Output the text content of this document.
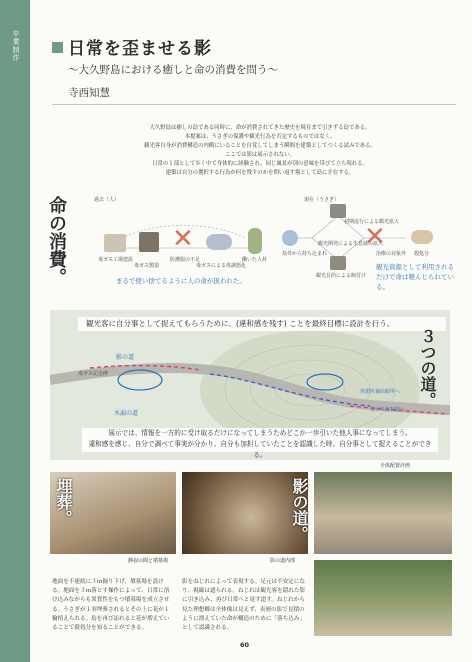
卒業制作	日常を歪ませる影
〜大久野島における癒しと命の消費を問う〜
寺西知慧
大久野島は癒しの島である同時に、命が消費されてきた歴史を現在まで引きずる島である。
本提案は、うさぎの保護や観光行為を否定するものではなく、
観光客自身が消費構造の内側にいることを自覚してしまう瞬間を建築としてつくる試みである。
ここでは影は展示されない。
日常の１部として歩く中で身体的に経験され、同じ風景が別の意味を帯びて立ち現れる。
建築は自分の選択する行為が何を残すのかを問い返す場として島に介在する。
命の消費。	過去（人）	現在（うさぎ）
✕
毒ガス工場建設
毒ガス製造
防護服の不足
毒ガスによる体調悪化
働いた人材
まるで使い捨てるように人の命が扱われた。
✕
島外から持ち込まれ
初期流行による観光拡大
観光開発による生息域の拡大
観光目的による餌付け
治療の対象外 殺処分
観光資源として利用されるだけで命は軽んじられている。
観光客に自分事として捉えてもらうために、(違和感を残す) ことを最終目標に設計を行う。
３つの道。
影の道
木漏の道
毒ガス記念碑
休憩所兼給餌所へ
毒ガス資料館へ
展示では、情報を一方的に受け取るだけになってしまうためどこか一歩引いた他人事になってしまう。
違和感を感じ、自分で調べて事実が分かり、自分も加担していたことを認識した時、自分事として捉えることができる。
全体配置計画
埋葬。
静寂の間と墳墓場
影の道。
影の道内部
地面を不連続に３ｍ掘り下げ、墳墓場を設ける。地面を３ｍ落とす操作によって、日常に溶け込みながらも異質性をもつ墳墓場を成立させる。うさぎが１羽埋葬されるとその上に花が１輪植えられる。島を再び訪れると花が増えていることで殺処分を知ることができる。
影をねじれによって表現する。足元は不安定になり、視線は遮られる。ねじれは観光客を隠れた影に引き込み、再び日常へと返す道す。ねじれから見た理想郷は全体像は見えず、表層の影で見積のように漂えていた命が構造のために「落ち込み」として認識される。
60
